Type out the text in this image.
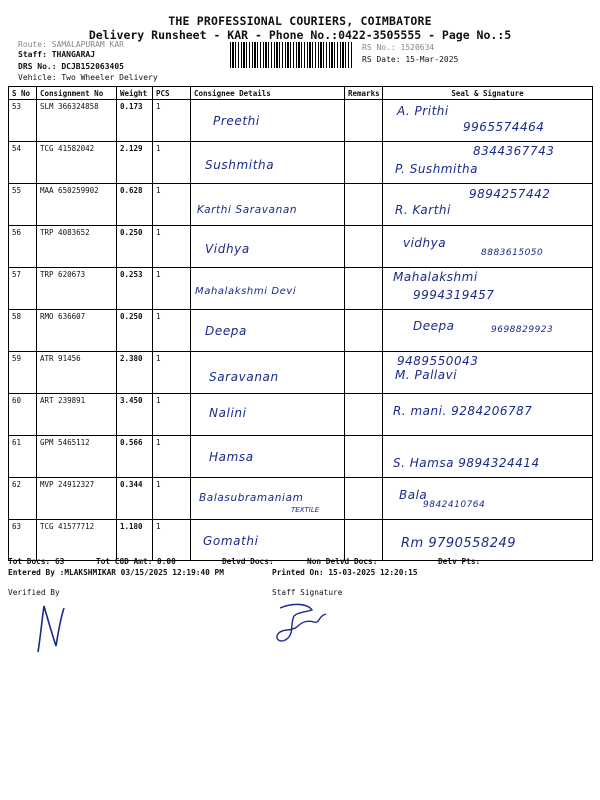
THE PROFESSIONAL COURIERS, COIMBATORE
Delivery Runsheet - KAR - Phone No.:0422-3505555 - Page No.:5
Route: SAMALAPURAM KAR
Staff: THANGARAJ
DRS No.: DCJB152063405
Vehicle: Two Wheeler Delivery
RS No.: 1520634
RS Date: 15-Mar-2025
S No	Consignment No	Weight	PCS	Consignee Details	Remarks	Seal & Signature
53	SLM 366324858	0.173	1	Preethi		A. Prithi
9965574464

54	TCG 41582042	2.129	1	Sushmitha		8344367743
P. Sushmitha

55	MAA 650259902	0.628	1	Karthi Saravanan		9894257442
R. Karthi

56	TRP 4083652	0.250	1	Vidhya		vidhya
8883615050

57	TRP 620673	0.253	1	Mahalakshmi Devi		Mahalakshmi
9994319457

58	RMO 636607	0.250	1	Deepa		Deepa 9698829923

59	ATR 91456	2.380	1	Saravanan		9489550043
M. Pallavi

60	ART 239891	3.450	1	Nalini		R. mani. 9284206787

61	GPM 5465112	0.566	1	Hamsa		S. Hamsa 9894324414

62	MVP 24912327	0.344	1	Balasubramaniam
TEXTILE		Bala
9842410764

63	TCG 41577712	1.180	1	Gomathi		Rm 9790558249
Tot Docs: 63	Tot COD Amt: 0.00	Delvd Docs:	Non Delvd Docs:	Delv Pts:
Entered By :MLAKSHMIKAR 03/15/2025 12:19:40 PM	Printed On: 15-03-2025 12:20:15
Verified By	Staff Signature
